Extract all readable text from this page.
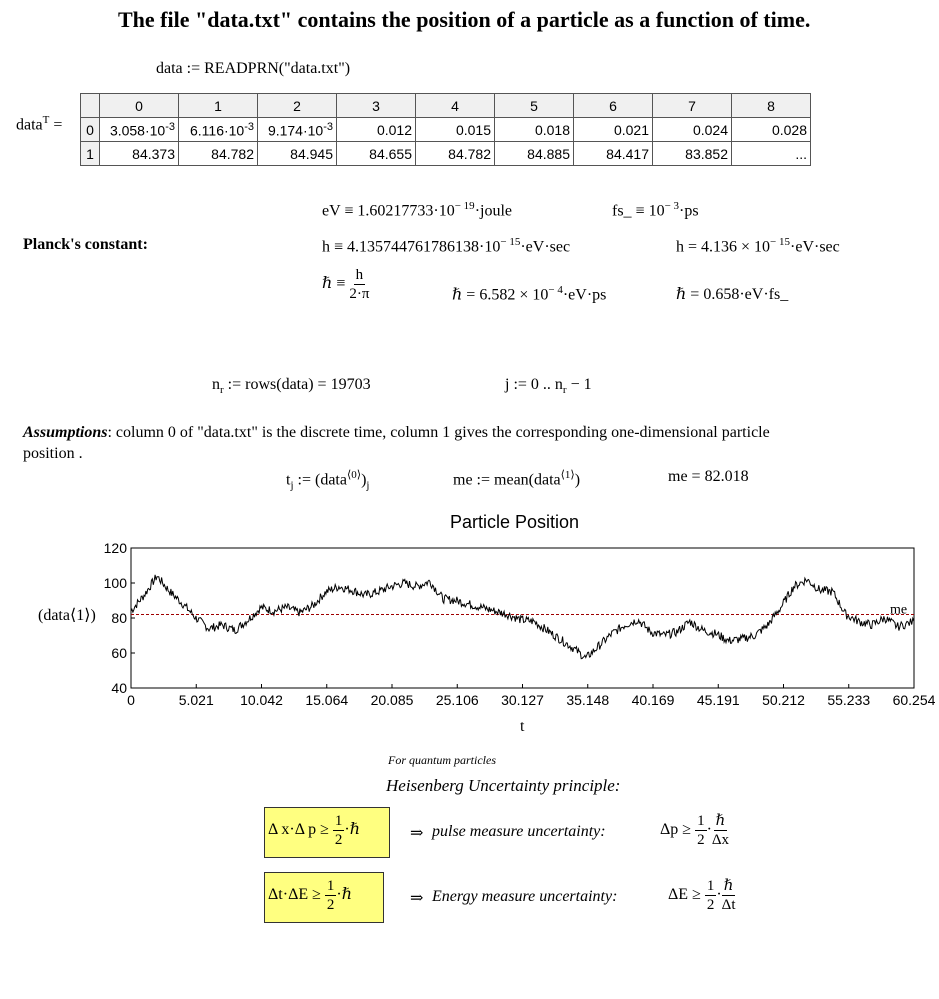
The file "data.txt" contains the position of a particle as a function of time.
data := READPRN("data.txt")
data$^T$ =
	0	1	2	3	4	5	6	7	8
0	$3.058\cdot 10^{-3}$	$6.116\cdot 10^{-3}$	$9.174\cdot 10^{-3}$	0.012	0.015	0.018	0.021	0.024	0.028
1	84.373	84.782	84.945	84.655	84.782	84.885	84.417	83.852	...
eV ≡ $1.60217733\cdot 10^{- 19}\cdot joule$	fs_ ≡ $10^{- 3}\cdot ps$
Planck's constant:	$h \equiv 4.135744761786138\cdot 10^{- 15}\cdot eV\cdot\sec$	$h = 4.136 \times 10^{- 15}\cdot eV\cdot\sec$
ℏ ≡ $\frac{h}{2\cdot\pi}$	ℏ = $6.582 \times 10^{- 4}\cdot eV\cdot ps$	ℏ = 0.658·eV·fs_
$n_r$ := rows(data) = 19703	j := 0 .. $n_r - 1$
Assumptions: column 0 of "data.txt" is the discrete time, column 1 gives the corresponding one-dimensional particle
position .
$t_j$ := $(data^{⟨0⟩})_j$	me := mean(data$^{⟨1⟩}$)	me = 82.018
Particle Position
(data⟨1⟩)
40
60
80
100
120
0	5.021 10.042 15.064 20.085 25.106 30.127 35.148 40.169 45.191 50.212 55.233 60.254
me
t
For quantum particles
Heisenberg Uncertainty principle:
Δ x·Δ $p \ge \frac{1}{2}$ ·ℏ	⇒ pulse measure uncertainty:	$\Delta p \ge \frac{1}{2} \cdot \frac{\text{ℏ}}{\Delta x}$
$\Delta t\cdot\Delta E \ge \frac{1}{2}$ ·ℏ	⇒ Energy measure uncertainty:	$\Delta E \ge \frac{1}{2} \cdot \frac{\text{ℏ}}{\Delta t}$
